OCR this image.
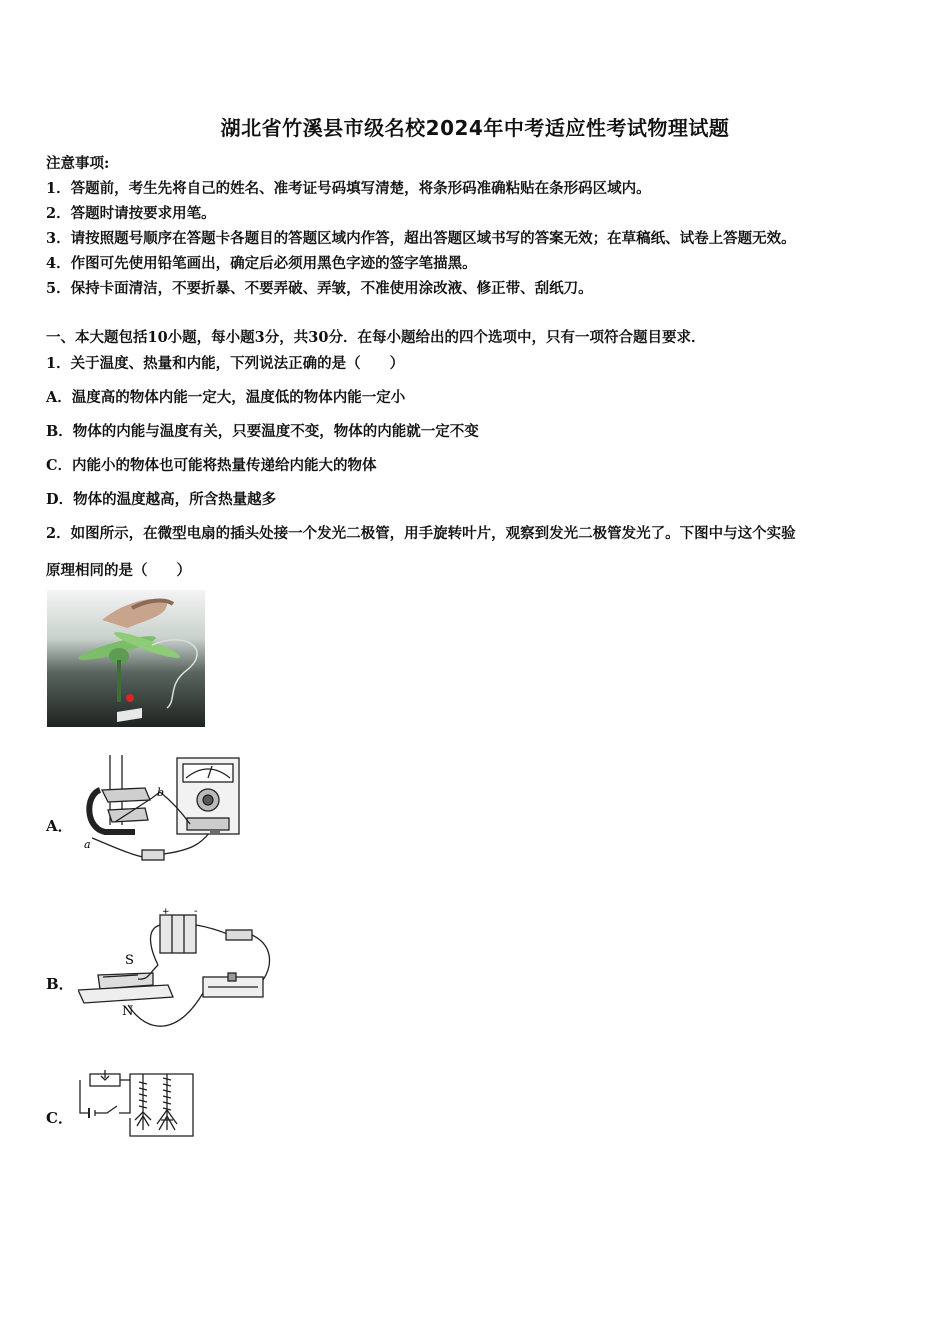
湖北省竹溪县市级名校2024年中考适应性考试物理试题
注意事项:
1．答题前，考生先将自己的姓名、准考证号码填写清楚，将条形码准确粘贴在条形码区域内。
2．答题时请按要求用笔。
3．请按照题号顺序在答题卡各题目的答题区域内作答，超出答题区域书写的答案无效；在草稿纸、试卷上答题无效。
4．作图可先使用铅笔画出，确定后必须用黑色字迹的签字笔描黑。
5．保持卡面清洁，不要折暴、不要弄破、弄皱，不准使用涂改液、修正带、刮纸刀。
一、本大题包括10小题，每小题3分，共30分．在每小题给出的四个选项中，只有一项符合题目要求．
1．关于温度、热量和内能，下列说法正确的是（　　）
A．温度高的物体内能一定大，温度低的物体内能一定小
B．物体的内能与温度有关，只要温度不变，物体的内能就一定不变
C．内能小的物体也可能将热量传递给内能大的物体
D．物体的温度越高，所含热量越多
2．如图所示，在微型电扇的插头处接一个发光二极管，用手旋转叶片，观察到发光二极管发光了。下图中与这个实验
原理相同的是（　　）
A．
b
a
B．
+ -
S
N
C．
